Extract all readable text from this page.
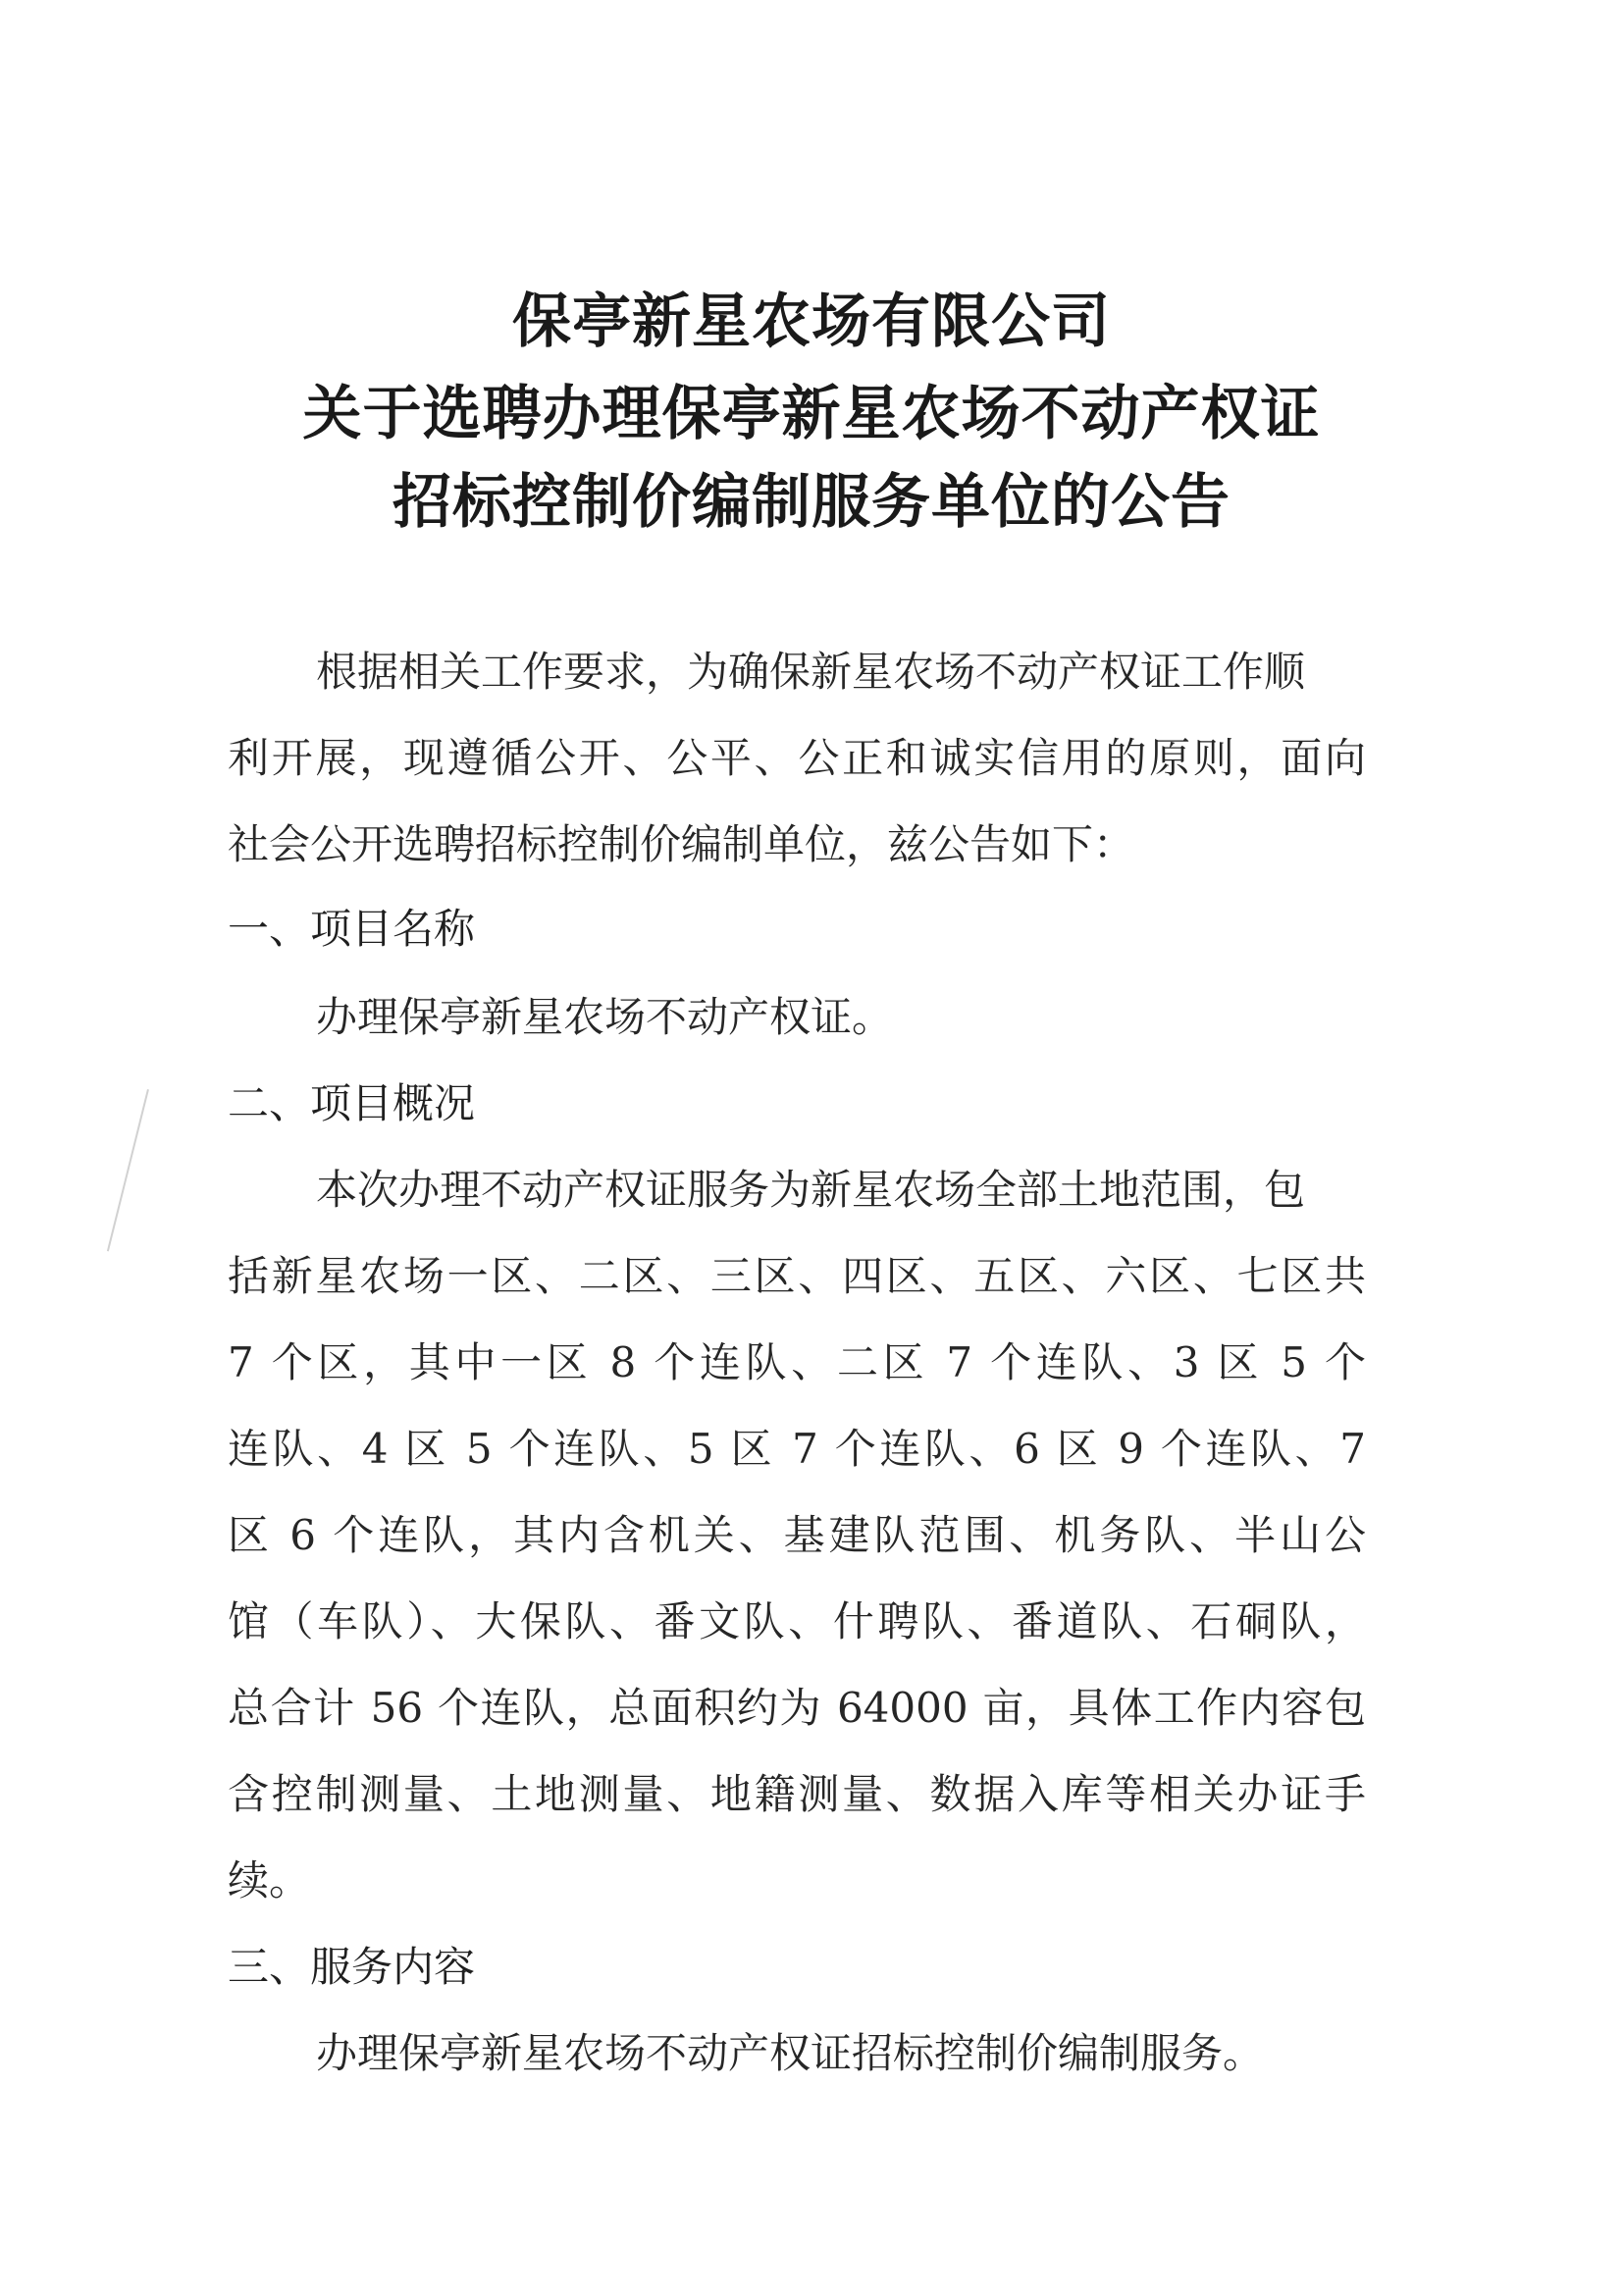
保亭新星农场有限公司
关于选聘办理保亭新星农场不动产权证
招标控制价编制服务单位的公告
根据相关工作要求，为确保新星农场不动产权证工作顺
利开展，现遵循公开、公平、公正和诚实信用的原则，面向
社会公开选聘招标控制价编制单位，兹公告如下：
一、项目名称
办理保亭新星农场不动产权证。
二、项目概况
本次办理不动产权证服务为新星农场全部土地范围，包
括新星农场一区、二区、三区、四区、五区、六区、七区共
7 个区，其中一区 8 个连队、二区 7 个连队、3 区 5 个
连队、4 区 5 个连队、5 区 7 个连队、6 区 9 个连队、7
区 6 个连队，其内含机关、基建队范围、机务队、半山公
馆（车队）、大保队、番文队、什聘队、番道队、石硐队，
总合计 56 个连队，总面积约为 64000 亩，具体工作内容包
含控制测量、土地测量、地籍测量、数据入库等相关办证手
续。
三、服务内容
办理保亭新星农场不动产权证招标控制价编制服务。
